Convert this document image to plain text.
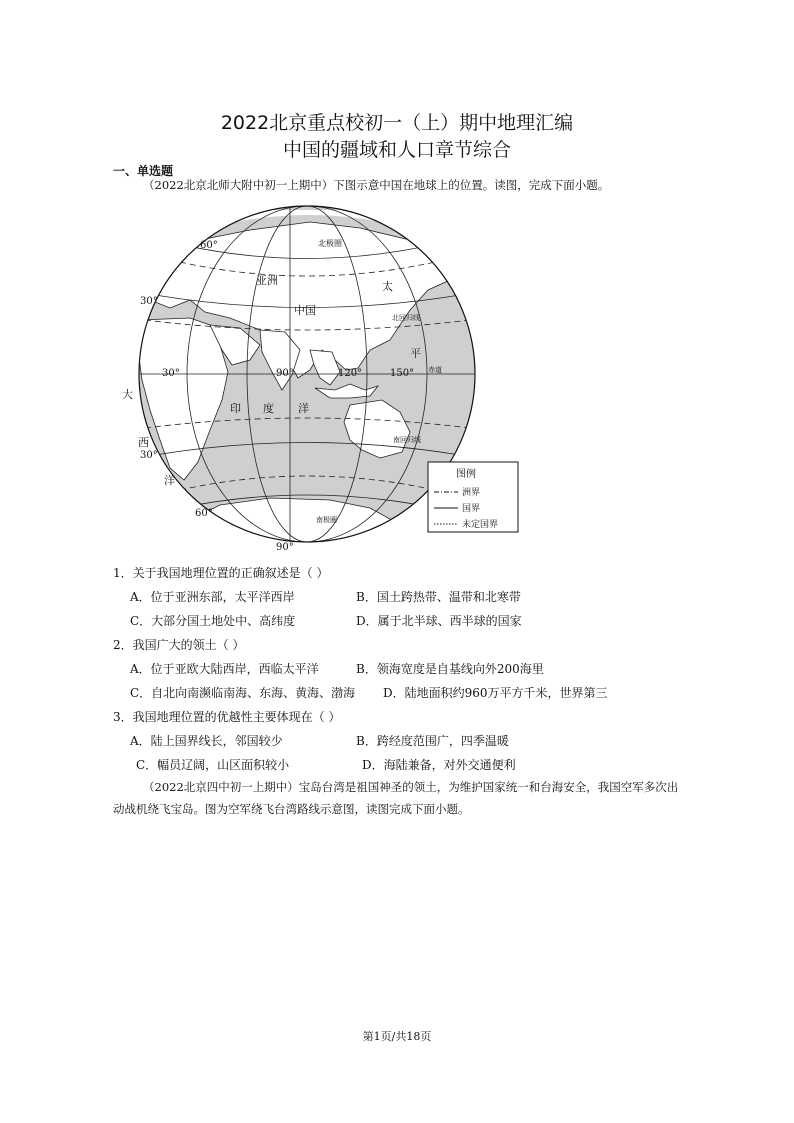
2022北京重点校初一（上）期中地理汇编
中国的疆域和人口章节综合
一、单选题
（2022北京北师大附中初一上期中）下图示意中国在地球上的位置。读图，完成下面小题。
60°
30°
30°
60°
30°	90°	120°	150°
90°
北极圈
北回归线
赤道
南回归线
南极圈
亚洲
中国
太
平
印 度 洋
大
西
洋	图例
洲界
国界
未定国界
1．关于我国地理位置的正确叙述是（ ）
A．位于亚洲东部，太平洋西岸	B．国土跨热带、温带和北寒带
C．大部分国土地处中、高纬度	D．属于北半球、西半球的国家
2．我国广大的领土（ ）
A．位于亚欧大陆西岸，西临太平洋	B．领海宽度是自基线向外200海里
C．自北向南濒临南海、东海、黄海、渤海 D．陆地面积约960万平方千米，世界第三
3．我国地理位置的优越性主要体现在（ ）
A．陆上国界线长，邻国较少	B．跨经度范围广，四季温暖
C．幅员辽阔，山区面积较小	D．海陆兼备，对外交通便利
（2022北京四中初一上期中）宝岛台湾是祖国神圣的领土，为维护国家统一和台海安全，我国空军多次出动战机绕飞宝岛。图为空军绕飞台湾路线示意图，读图完成下面小题。
第1页/共18页
